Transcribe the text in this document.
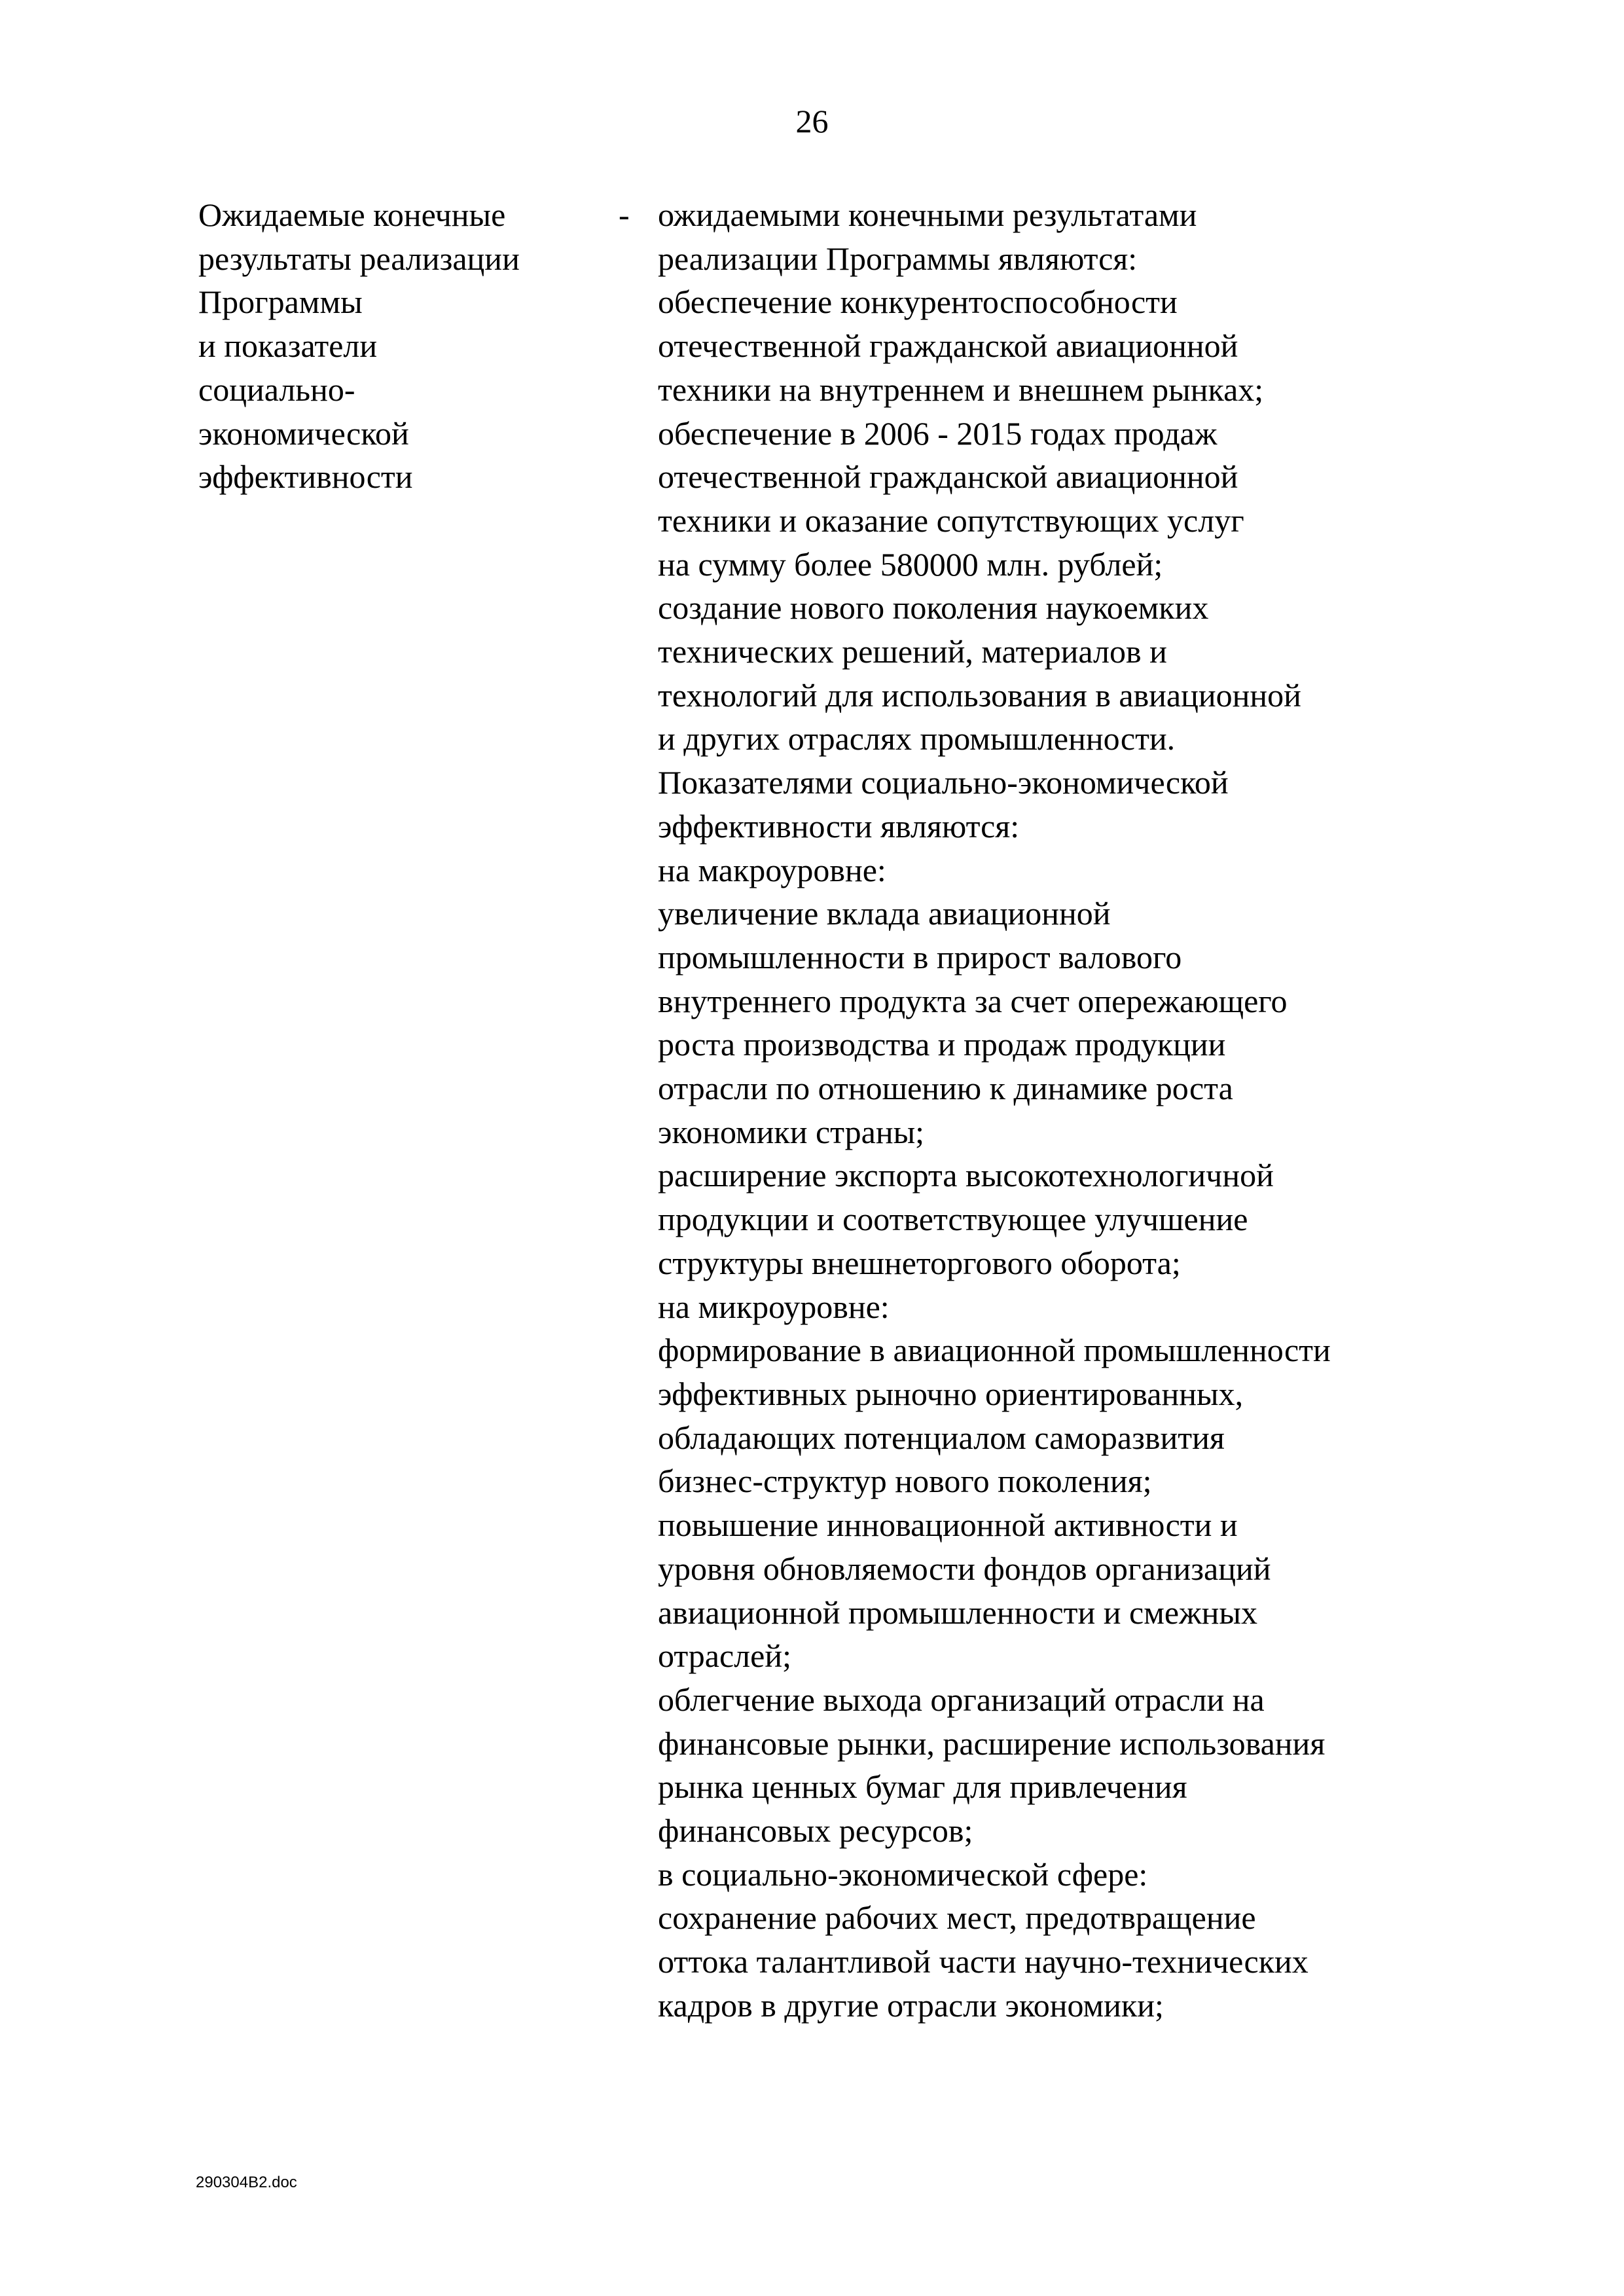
26
Ожидаемые конечные
результаты реализации
Программы
и показатели
социально-
экономической
эффективности
- ожидаемыми конечными результатами
реализации Программы являются:
обеспечение конкурентоспособности
отечественной гражданской авиационной
техники на внутреннем и внешнем рынках;
обеспечение в 2006 - 2015 годах продаж
отечественной гражданской авиационной
техники и оказание сопутствующих услуг
на сумму более 580000 млн. рублей;
создание нового поколения наукоемких
технических решений, материалов и
технологий для использования в авиационной
и других отраслях промышленности.
Показателями социально-экономической
эффективности являются:
на макроуровне:
увеличение вклада авиационной
промышленности в прирост валового
внутреннего продукта за счет опережающего
роста производства и продаж продукции
отрасли по отношению к динамике роста
экономики страны;
расширение экспорта высокотехнологичной
продукции и соответствующее улучшение
структуры внешнеторгового оборота;
на микроуровне:
формирование в авиационной промышленности
эффективных рыночно ориентированных,
обладающих потенциалом саморазвития
бизнес-структур нового поколения;
повышение инновационной активности и
уровня обновляемости фондов организаций
авиационной промышленности и смежных
отраслей;
облегчение выхода организаций отрасли на
финансовые рынки, расширение использования
рынка ценных бумаг для привлечения
финансовых ресурсов;
в социально-экономической сфере:
сохранение рабочих мест, предотвращение
оттока талантливой части научно-технических
кадров в другие отрасли экономики;
290304B2.doc
